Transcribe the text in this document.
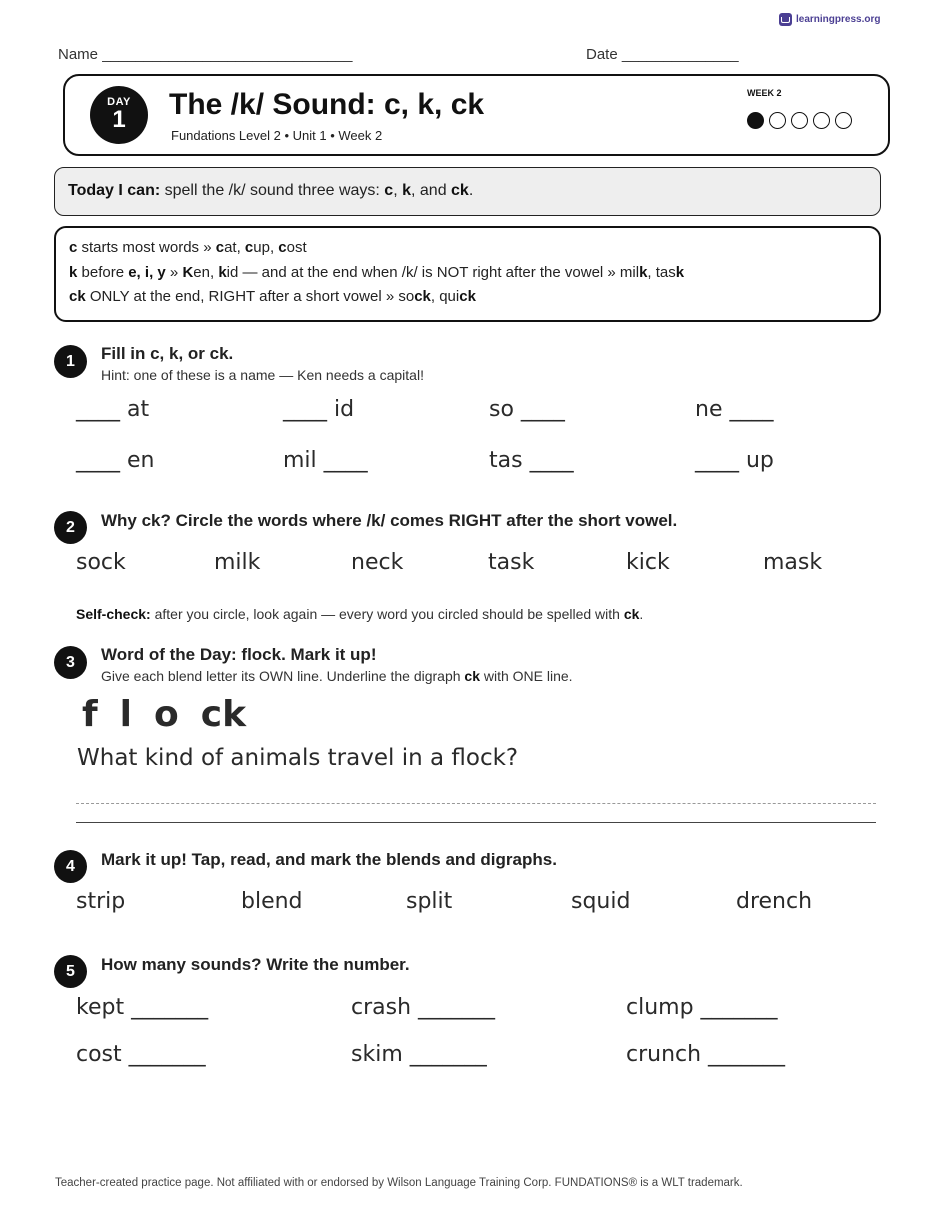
learningpress.org
Name ______________________________	Date ______________
DAY
1	The /k/ Sound: c, k, ck
Fundations Level 2 • Unit 1 • Week 2
WEEK 2
Today I can: spell the /k/ sound three ways: c, k, and ck.
c starts most words » cat, cup, cost
k before e, i, y » Ken, kid — and at the end when /k/ is NOT right after the vowel » milk, task
ck ONLY at the end, RIGHT after a short vowel » sock, quick
1	Fill in c, k, or ck.
Hint: one of these is a name — Ken needs a capital!
____ at	____ id	so ____	ne ____
____ en	mil ____	tas ____	____ up
2	Why ck? Circle the words where /k/ comes RIGHT after the short vowel.
sock	milk	neck	task	kick	mask
Self-check: after you circle, look again — every word you circled should be spelled with ck.
3	Word of the Day: flock. Mark it up!
Give each blend letter its OWN line. Underline the digraph ck with ONE line.
f l o ck
What kind of animals travel in a flock?
4	Mark it up! Tap, read, and mark the blends and digraphs.
strip	blend	split	squid	drench
5	How many sounds? Write the number.
kept _______	crash _______	clump _______
cost _______	skim _______	crunch _______
Teacher-created practice page. Not affiliated with or endorsed by Wilson Language Training Corp. FUNDATIONS® is a WLT trademark.
